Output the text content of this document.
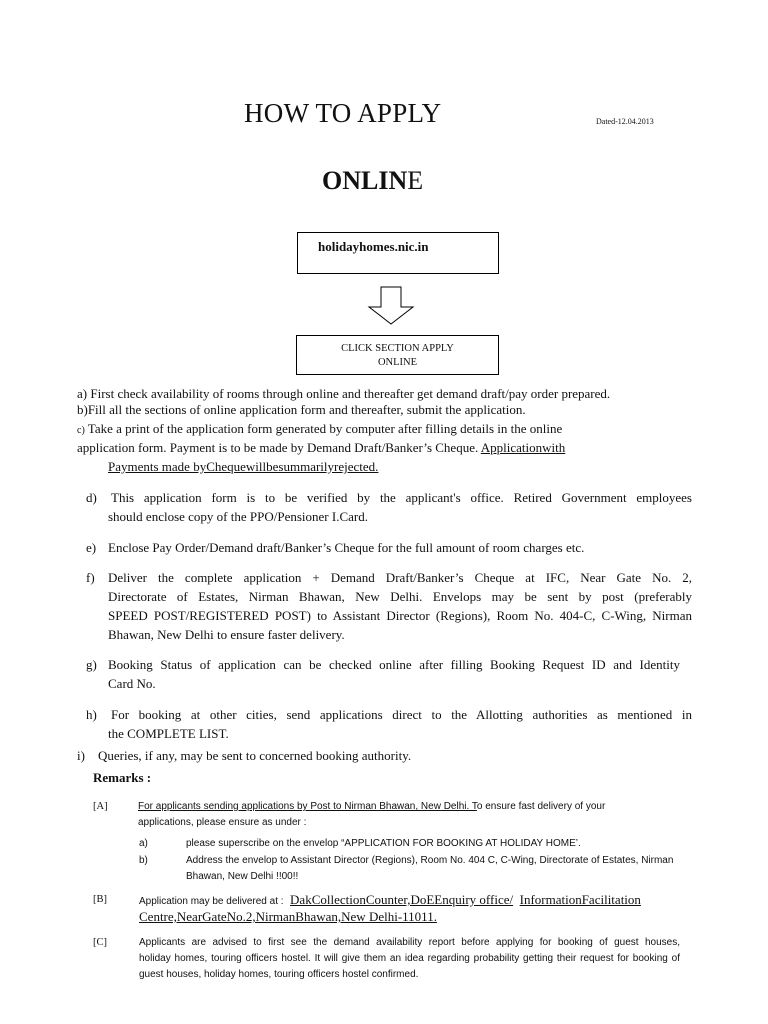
HOW TO APPLY	Dated-12.04.2013
ONLINE
holidayhomes.nic.in
CLICK SECTION APPLY
ONLINE
a) First check availability of rooms through online and thereafter get demand draft/pay order prepared.
b)Fill all the sections of online application form and thereafter, submit the application.
c) Take a print of the application form generated by computer after filling details in the online
application form. Payment is to be made by Demand Draft/Banker’s Cheque. Applicationwith
Payments made byChequewillbesummarilyrejected.
d) This application form is to be verified by the applicant's office. Retired Government employees
should enclose copy of the PPO/Pensioner I.Card.
e) Enclose Pay Order/Demand draft/Banker’s Cheque for the full amount of room charges etc.
f) Deliver the complete application + Demand Draft/Banker’s Cheque at IFC, Near Gate No. 2,
Directorate of Estates, Nirman Bhawan, New Delhi. Envelops may be sent by post (preferably
SPEED POST/REGISTERED POST) to Assistant Director (Regions), Room No. 404-C, C-Wing, Nirman
Bhawan, New Delhi to ensure faster delivery.
g) Booking Status of application can be checked online after filling Booking Request ID and Identity
Card No.
h) For booking at other cities, send applications direct to the Allotting authorities as mentioned in
the COMPLETE LIST.
i) Queries, if any, may be sent to concerned booking authority.
Remarks :
[A]	For applicants sending applications by Post to Nirman Bhawan, New Delhi. To ensure fast delivery of your
applications, please ensure as under :
a)	please superscribe on the envelop “APPLICATION FOR BOOKING AT HOLIDAY HOME’.
b)	Address the envelop to Assistant Director (Regions), Room No. 404 C, C-Wing, Directorate of Estates, Nirman
Bhawan, New Delhi !!00!!
[B]	Application may be delivered at : DakCollectionCounter,DoEEnquiry office/ InformationFacilitation
Centre,NearGateNo.2,NirmanBhawan,New Delhi-11011.
[C]	Applicants are advised to first see the demand availability report before applying for booking of guest houses,
holiday homes, touring officers hostel. It will give them an idea regarding probability getting their request for booking of
guest houses, holiday homes, touring officers hostel confirmed.
